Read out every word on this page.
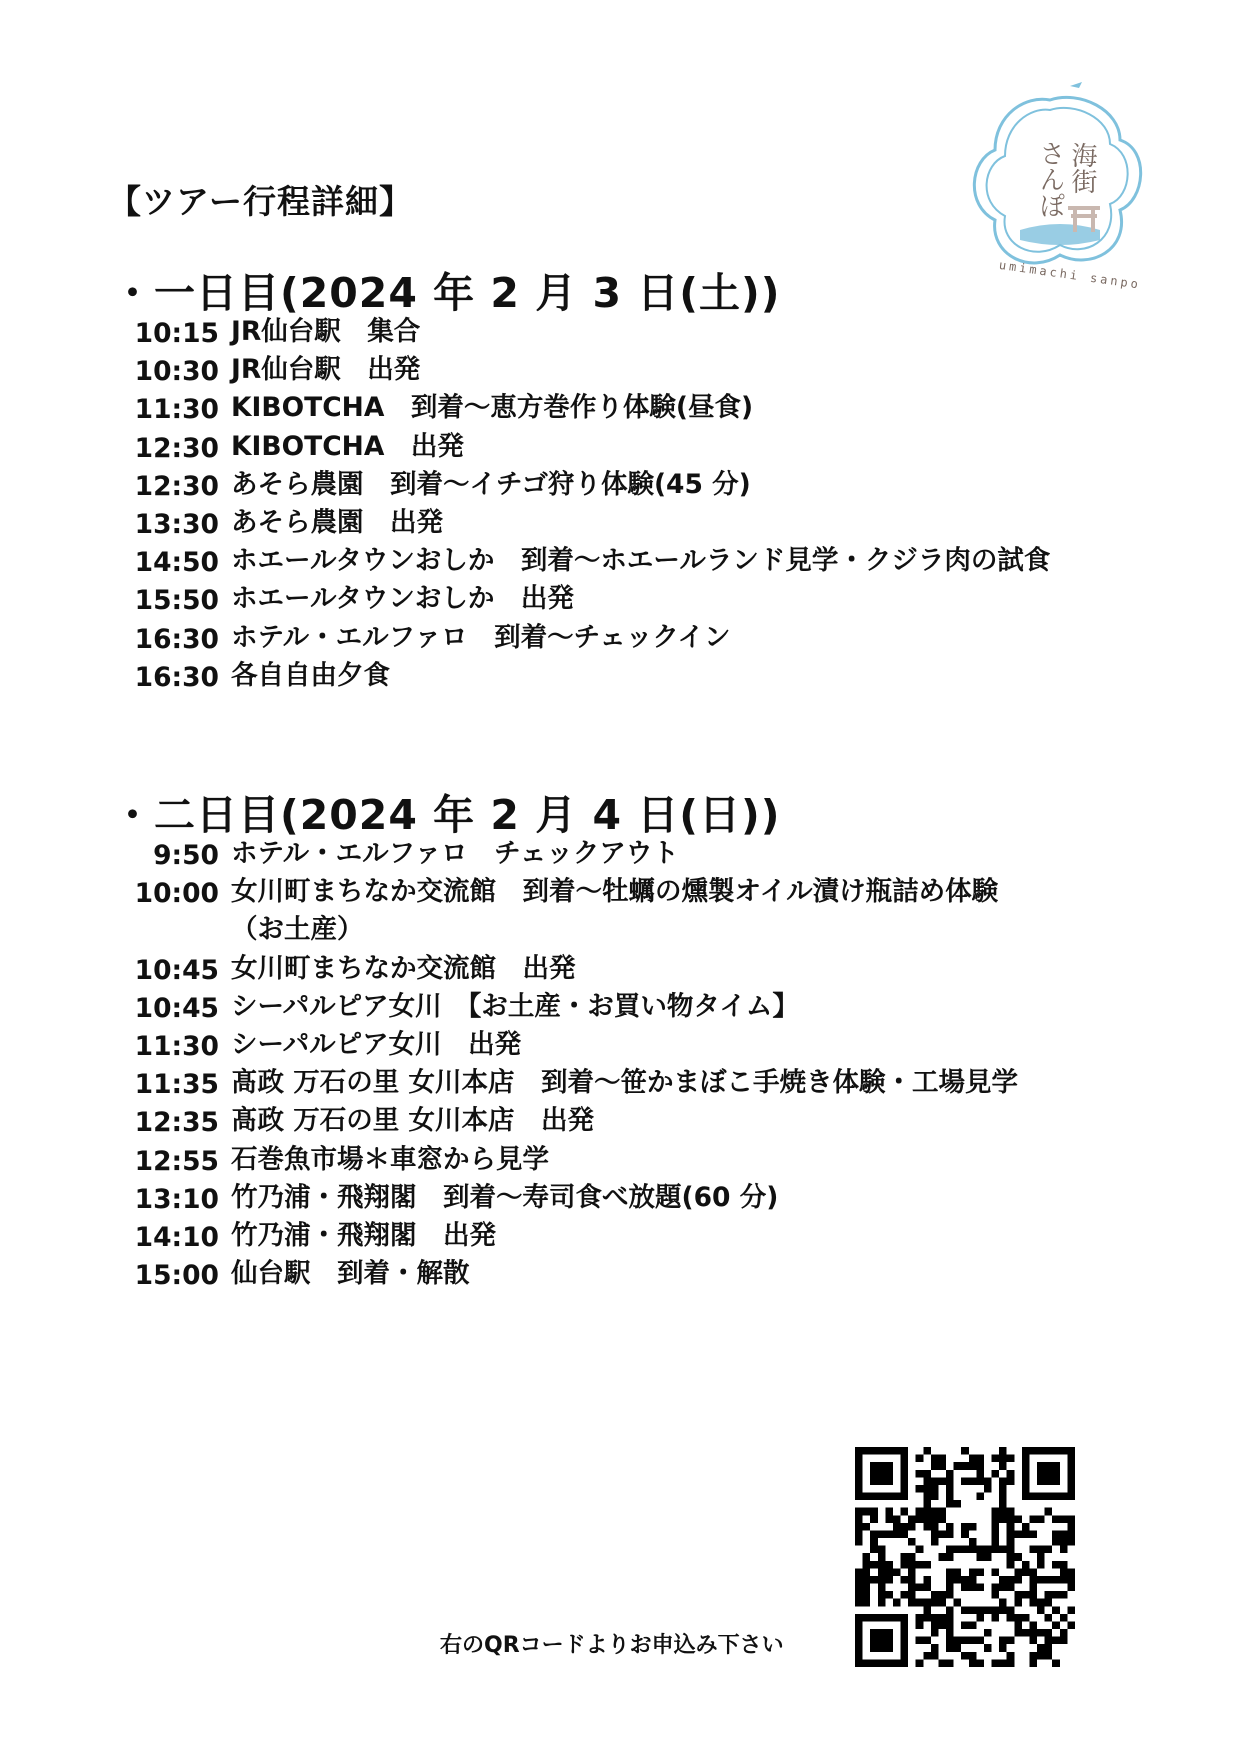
海街
さんぽ
umimachi sanpo
【ツアー行程詳細】
・一日目(2024 年 2 月 3 日(土))
10:15 JR仙台駅　集合
10:30 JR仙台駅　出発
11:30 KIBOTCHA　到着～恵方巻作り体験(昼食)
12:30 KIBOTCHA　出発
12:30 あそら農園　到着～イチゴ狩り体験(45 分)
13:30 あそら農園　出発
14:50 ホエールタウンおしか　到着～ホエールランド見学・クジラ肉の試食
15:50 ホエールタウンおしか　出発
16:30 ホテル・エルファロ　到着～チェックイン
16:30 各自自由夕食
・二日目(2024 年 2 月 4 日(日))
9:50 ホテル・エルファロ　チェックアウト
10:00 女川町まちなか交流館　到着～牡蠣の燻製オイル漬け瓶詰め体験
（お土産）
10:45 女川町まちなか交流館　出発
10:45 シーパルピア女川　【お土産・お買い物タイム】
11:30 シーパルピア女川　出発
11:35 髙政 万石の里 女川本店　到着～笹かまぼこ手焼き体験・工場見学
12:35 髙政 万石の里 女川本店　出発
12:55 石巻魚市場＊車窓から見学
13:10 竹乃浦・飛翔閣　到着～寿司食べ放題(60 分)
14:10 竹乃浦・飛翔閣　出発
15:00 仙台駅　到着・解散
右のQRコードよりお申込み下さい
